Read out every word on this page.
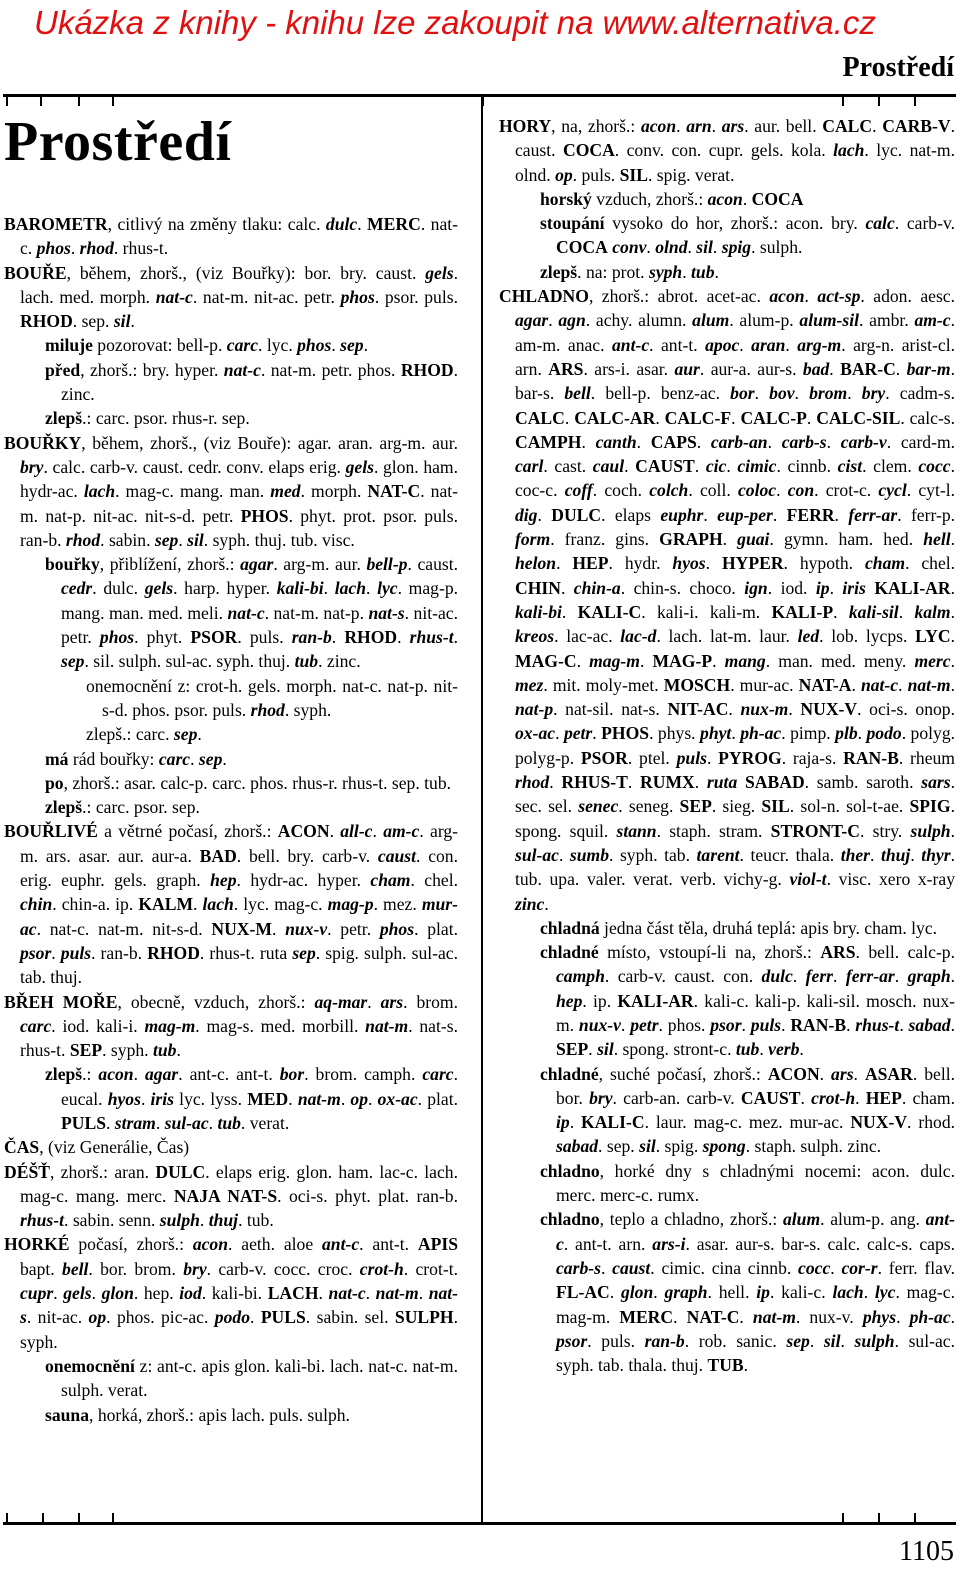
Ukázka z knihy - knihu lze zakoupit na www.alternativa.cz
Prostředí
Prostředí

BAROMETR, citlivý na změny tlaku: calc. dulc. MERC. nat-c. phos. rhod. rhus-t.

BOUŘE, během, zhorš., (viz Bouřky): bor. bry. caust. gels. lach. med. morph. nat-c. nat-m. nit-ac. petr. phos. psor. puls. RHOD. sep. sil.

miluje pozorovat: bell-p. carc. lyc. phos. sep.

před, zhorš.: bry. hyper. nat-c. nat-m. petr. phos. RHOD. zinc.

zlepš.: carc. psor. rhus-r. sep.

BOUŘKY, během, zhorš., (viz Bouře): agar. aran. arg-m. aur. bry. calc. carb-v. caust. cedr. conv. elaps erig. gels. glon. ham. hydr-ac. lach. mag-c. mang. man. med. morph. NAT-C. nat-m. nat-p. nit-ac. nit-s-d. petr. PHOS. phyt. prot. psor. puls. ran-b. rhod. sabin. sep. sil. syph. thuj. tub. visc.

bouřky, přiblížení, zhorš.: agar. arg-m. aur. bell-p. caust. cedr. dulc. gels. harp. hyper. kali-bi. lach. lyc. mag-p. mang. man. med. meli. nat-c. nat-m. nat-p. nat-s. nit-ac. petr. phos. phyt. PSOR. puls. ran-b. RHOD. rhus-t. sep. sil. sulph. sul-ac. syph. thuj. tub. zinc.

onemocnění z: crot-h. gels. morph. nat-c. nat-p. nit-s-d. phos. psor. puls. rhod. syph.

zlepš.: carc. sep.

má rád bouřky: carc. sep.

po, zhorš.: asar. calc-p. carc. phos. rhus-r. rhus-t. sep. tub.

zlepš.: carc. psor. sep.

BOUŘLIVÉ a větrné počasí, zhorš.: ACON. all-c. am-c. arg-m. ars. asar. aur. aur-a. BAD. bell. bry. carb-v. caust. con. erig. euphr. gels. graph. hep. hydr-ac. hyper. cham. chel. chin. chin-a. ip. KALM. lach. lyc. mag-c. mag-p. mez. mur-ac. nat-c. nat-m. nit-s-d. NUX-M. nux-v. petr. phos. plat. psor. puls. ran-b. RHOD. rhus-t. ruta sep. spig. sulph. sul-ac. tab. thuj.

BŘEH MOŘE, obecně, vzduch, zhorš.: aq-mar. ars. brom. carc. iod. kali-i. mag-m. mag-s. med. morbill. nat-m. nat-s. rhus-t. SEP. syph. tub.

zlepš.: acon. agar. ant-c. ant-t. bor. brom. camph. carc. eucal. hyos. iris lyc. lyss. MED. nat-m. op. ox-ac. plat. PULS. stram. sul-ac. tub. verat.

ČAS, (viz Generálie, Čas)

DÉŠŤ, zhorš.: aran. DULC. elaps erig. glon. ham. lac-c. lach. mag-c. mang. merc. NAJA NAT-S. oci-s. phyt. plat. ran-b. rhus-t. sabin. senn. sulph. thuj. tub.

HORKÉ počasí, zhorš.: acon. aeth. aloe ant-c. ant-t. APIS bapt. bell. bor. brom. bry. carb-v. cocc. croc. crot-h. crot-t. cupr. gels. glon. hep. iod. kali-bi. LACH. nat-c. nat-m. nat-s. nit-ac. op. phos. pic-ac. podo. PULS. sabin. sel. SULPH. syph.

onemocnění z: ant-c. apis glon. kali-bi. lach. nat-c. nat-m. sulph. verat.

sauna, horká, zhorš.: apis lach. puls. sulph.

HORY, na, zhorš.: acon. arn. ars. aur. bell. CALC. CARB-V. caust. COCA. conv. con. cupr. gels. kola. lach. lyc. nat-m. olnd. op. puls. SIL. spig. verat.

horský vzduch, zhorš.: acon. COCA

stoupání vysoko do hor, zhorš.: acon. bry. calc. carb-v. COCA conv. olnd. sil. spig. sulph.

zlepš. na: prot. syph. tub.

CHLADNO, zhorš.: abrot. acet-ac. acon. act-sp. adon. aesc. agar. agn. achy. alumn. alum. alum-p. alum-sil. ambr. am-c. am-m. anac. ant-c. ant-t. apoc. aran. arg-m. arg-n. arist-cl. arn. ARS. ars-i. asar. aur. aur-a. aur-s. bad. BAR-C. bar-m. bar-s. bell. bell-p. benz-ac. bor. bov. brom. bry. cadm-s. CALC. CALC-AR. CALC-F. CALC-P. CALC-SIL. calc-s. CAMPH. canth. CAPS. carb-an. carb-s. carb-v. card-m. carl. cast. caul. CAUST. cic. cimic. cinnb. cist. clem. cocc. coc-c. coff. coch. colch. coll. coloc. con. crot-c. cycl. cyt-l. dig. DULC. elaps euphr. eup-per. FERR. ferr-ar. ferr-p. form. franz. gins. GRAPH. guai. gymn. ham. hed. hell. helon. HEP. hydr. hyos. HYPER. hypoth. cham. chel. CHIN. chin-a. chin-s. choco. ign. iod. ip. iris KALI-AR. kali-bi. KALI-C. kali-i. kali-m. KALI-P. kali-sil. kalm. kreos. lac-ac. lac-d. lach. lat-m. laur. led. lob. lycps. LYC. MAG-C. mag-m. MAG-P. mang. man. med. meny. merc. mez. mit. moly-met. MOSCH. mur-ac. NAT-A. nat-c. nat-m. nat-p. nat-sil. nat-s. NIT-AC. nux-m. NUX-V. oci-s. onop. ox-ac. petr. PHOS. phys. phyt. ph-ac. pimp. plb. podo. polyg. polyg-p. PSOR. ptel. puls. PYROG. raja-s. RAN-B. rheum rhod. RHUS-T. RUMX. ruta SABAD. samb. saroth. sars. sec. sel. senec. seneg. SEP. sieg. SIL. sol-n. sol-t-ae. SPIG. spong. squil. stann. staph. stram. STRONT-C. stry. sulph. sul-ac. sumb. syph. tab. tarent. teucr. thala. ther. thuj. thyr. tub. upa. valer. verat. verb. vichy-g. viol-t. visc. xero x-ray zinc.

chladná jedna část těla, druhá teplá: apis bry. cham. lyc.

chladné místo, vstoupí-li na, zhorš.: ARS. bell. calc-p. camph. carb-v. caust. con. dulc. ferr. ferr-ar. graph. hep. ip. KALI-AR. kali-c. kali-p. kali-sil. mosch. nux-m. nux-v. petr. phos. psor. puls. RAN-B. rhus-t. sabad. SEP. sil. spong. stront-c. tub. verb.

chladné, suché počasí, zhorš.: ACON. ars. ASAR. bell. bor. bry. carb-an. carb-v. CAUST. crot-h. HEP. cham. ip. KALI-C. laur. mag-c. mez. mur-ac. NUX-V. rhod. sabad. sep. sil. spig. spong. staph. sulph. zinc.

chladno, horké dny s chladnými nocemi: acon. dulc. merc. merc-c. rumx.

chladno, teplo a chladno, zhorš.: alum. alum-p. ang. ant-c. ant-t. arn. ars-i. asar. aur-s. bar-s. calc. calc-s. caps. carb-s. caust. cimic. cina cinnb. cocc. cor-r. ferr. flav. FL-AC. glon. graph. hell. ip. kali-c. lach. lyc. mag-c. mag-m. MERC. NAT-C. nat-m. nux-v. phys. ph-ac. psor. puls. ran-b. rob. sanic. sep. sil. sulph. sul-ac. syph. tab. thala. thuj. TUB.

1105
